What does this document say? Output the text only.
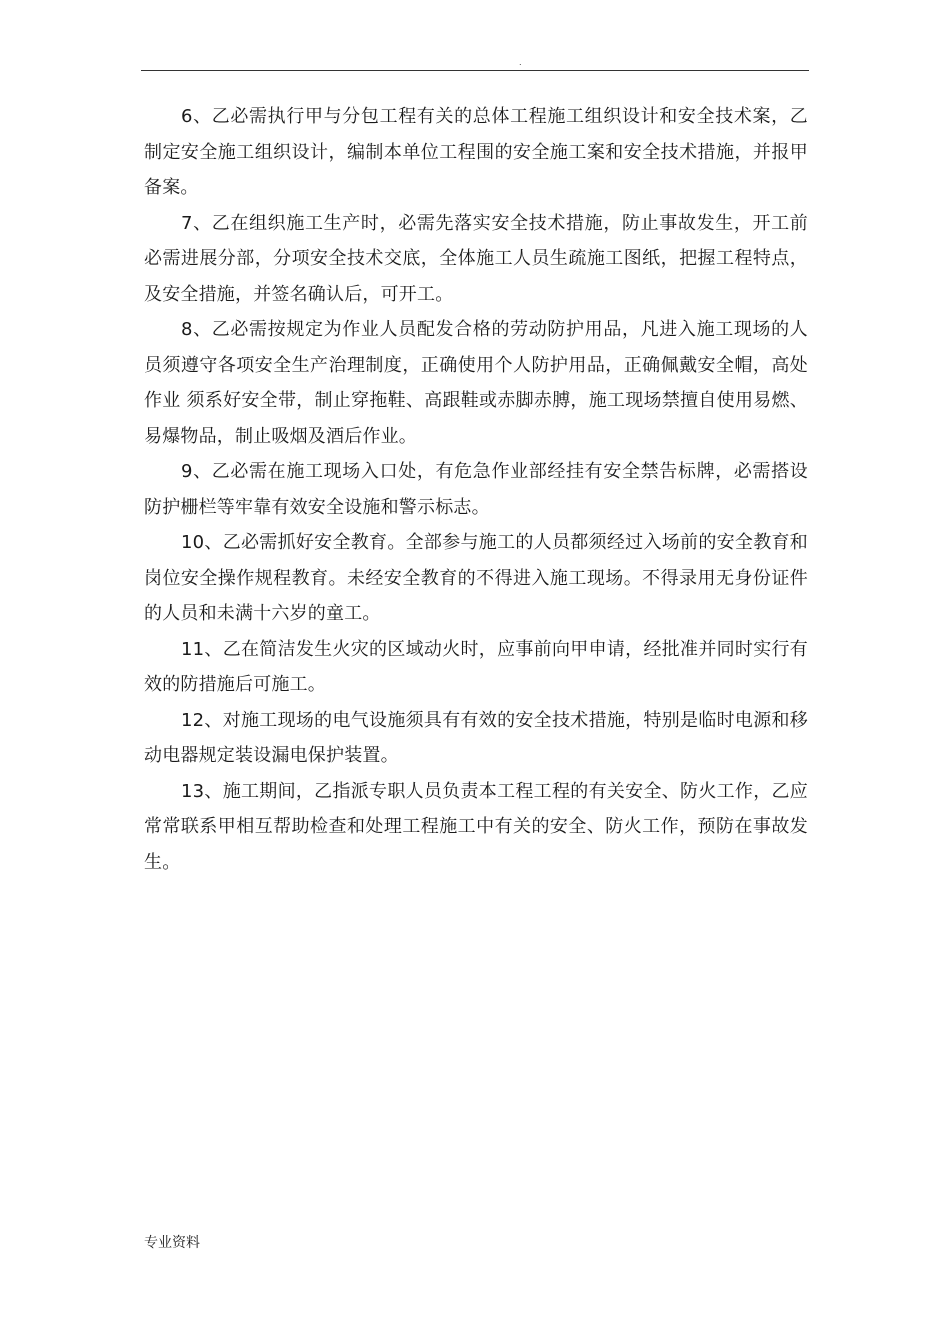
.

6、乙必需执行甲与分包工程有关的总体工程施工组织设计和安全技术案，乙制定安全施工组织设计，编制本单位工程围的安全施工案和安全技术措施，并报甲备案。

7、乙在组织施工生产时，必需先落实安全技术措施，防止事故发生，开工前必需进展分部，分项安全技术交底，全体施工人员生疏施工图纸，把握工程特点，及安全措施，并签名确认后，可开工。

8、乙必需按规定为作业人员配发合格的劳动防护用品，凡进入施工现场的人员须遵守各项安全生产治理制度，正确使用个人防护用品，正确佩戴安全帽，高处作业 须系好安全带，制止穿拖鞋、高跟鞋或赤脚赤膊，施工现场禁擅自使用易燃、易爆物品，制止吸烟及酒后作业。

9、乙必需在施工现场入口处，有危急作业部经挂有安全禁告标牌，必需搭设防护栅栏等牢靠有效安全设施和警示标志。

10、乙必需抓好安全教育。全部参与施工的人员都须经过入场前的安全教育和岗位安全操作规程教育。未经安全教育的不得进入施工现场。不得录用无身份证件的人员和未满十六岁的童工。

11、乙在简洁发生火灾的区域动火时，应事前向甲申请，经批准并同时实行有效的防措施后可施工。

12、对施工现场的电气设施须具有有效的安全技术措施，特别是临时电源和移动电器规定装设漏电保护装置。

13、施工期间，乙指派专职人员负责本工程工程的有关安全、防火工作，乙应常常联系甲相互帮助检查和处理工程施工中有关的安全、防火工作，预防在事故发生。

专业资料
